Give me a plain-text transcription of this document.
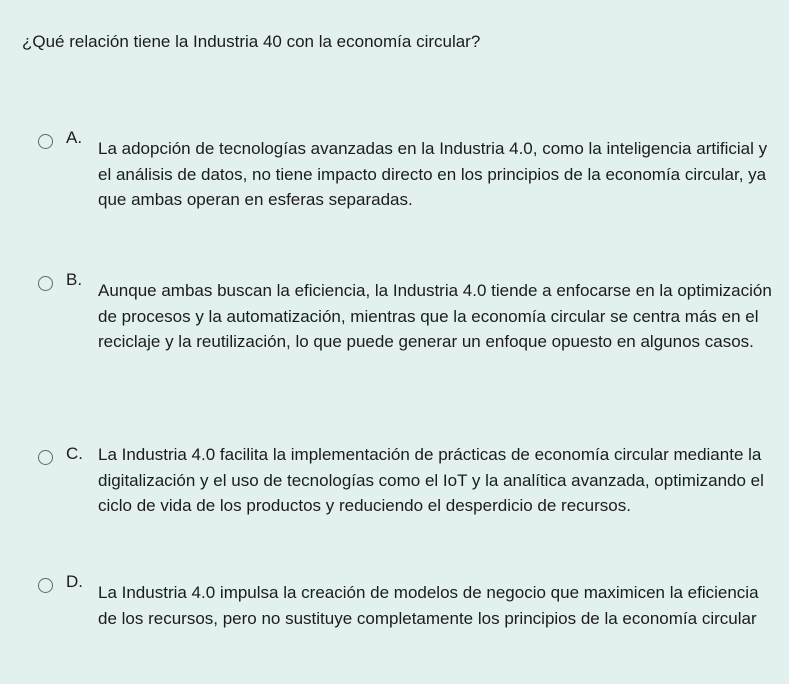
¿Qué relación tiene la Industria 40 con la economía circular?

A.

La adopción de tecnologías avanzadas en la Industria 4.0, como la inteligencia artificial y el análisis de datos, no tiene impacto directo en los principios de la economía circular, ya que ambas operan en esferas separadas.

B.

Aunque ambas buscan la eficiencia, la Industria 4.0 tiende a enfocarse en la optimización de procesos y la automatización, mientras que la economía circular se centra más en el reciclaje y la reutilización, lo que puede generar un enfoque opuesto en algunos casos.

C. La Industria 4.0 facilita la implementación de prácticas de economía circular mediante la digitalización y el uso de tecnologías como el IoT y la analítica avanzada, optimizando el ciclo de vida de los productos y reduciendo el desperdicio de recursos.

D.

La Industria 4.0 impulsa la creación de modelos de negocio que maximicen la eficiencia de los recursos, pero no sustituye completamente los principios de la economía circular
